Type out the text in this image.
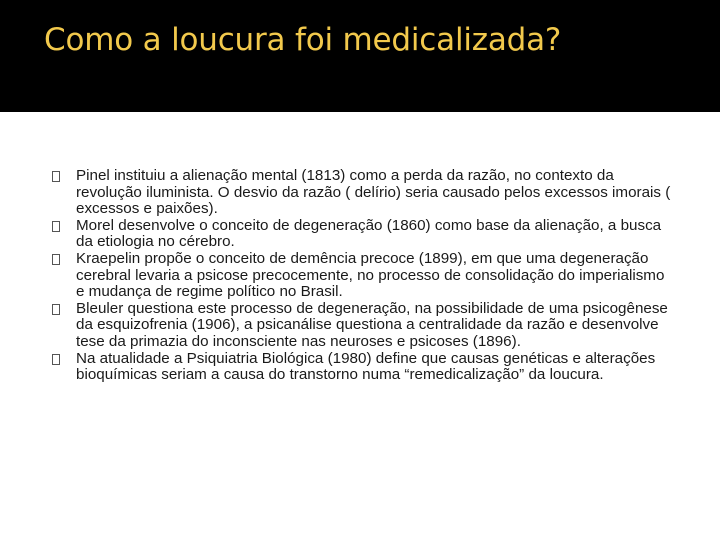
Como a loucura foi medicalizada?
Pinel instituiu a alienação mental (1813) como a perda da razão, no contexto da revolução iluminista. O desvio da razão ( delírio) seria causado pelos excessos imorais ( excessos e paixões).
Morel desenvolve o conceito de degeneração (1860) como base da alienação, a busca da etiologia no cérebro.
Kraepelin propõe o conceito de demência precoce (1899), em que uma degeneração cerebral levaria a psicose precocemente, no processo de consolidação do imperialismo e mudança de regime político no Brasil.
Bleuler questiona este processo de degeneração, na possibilidade de uma psicogênese da esquizofrenia (1906), a psicanálise questiona a centralidade da razão e desenvolve tese da primazia do inconsciente nas neuroses e psicoses (1896).
Na atualidade a Psiquiatria Biológica (1980) define que causas genéticas e alterações bioquímicas seriam a causa do transtorno numa “remedicalização” da loucura.
